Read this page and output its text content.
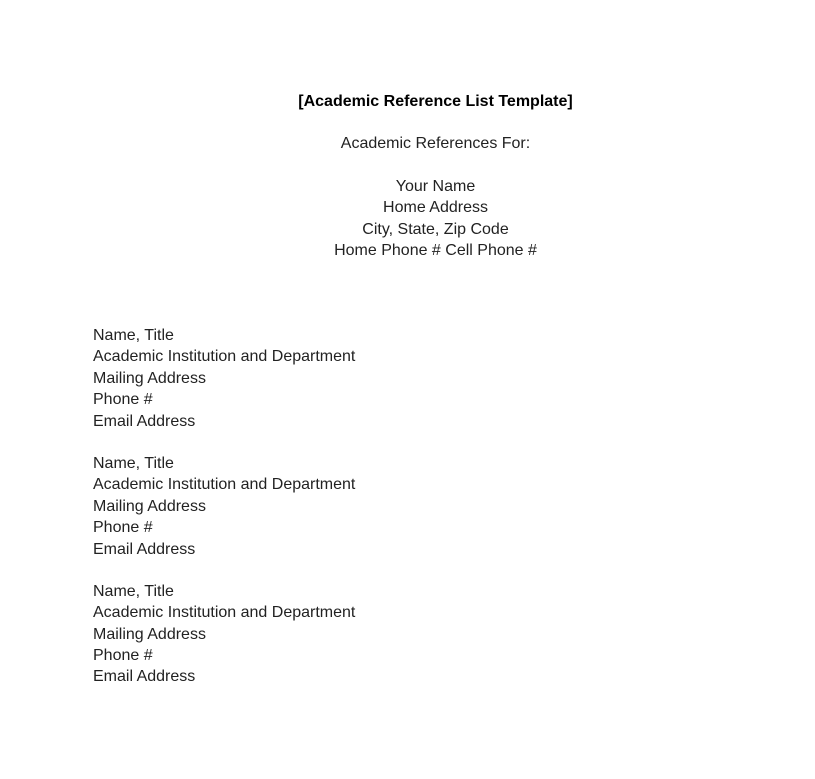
[Academic Reference List Template]

Academic References For:

Your Name
Home Address
City, State, Zip Code
Home Phone # Cell Phone #
Name, Title
Academic Institution and Department
Mailing Address
Phone #
Email Address
Name, Title
Academic Institution and Department
Mailing Address
Phone #
Email Address
Name, Title
Academic Institution and Department
Mailing Address
Phone #
Email Address
